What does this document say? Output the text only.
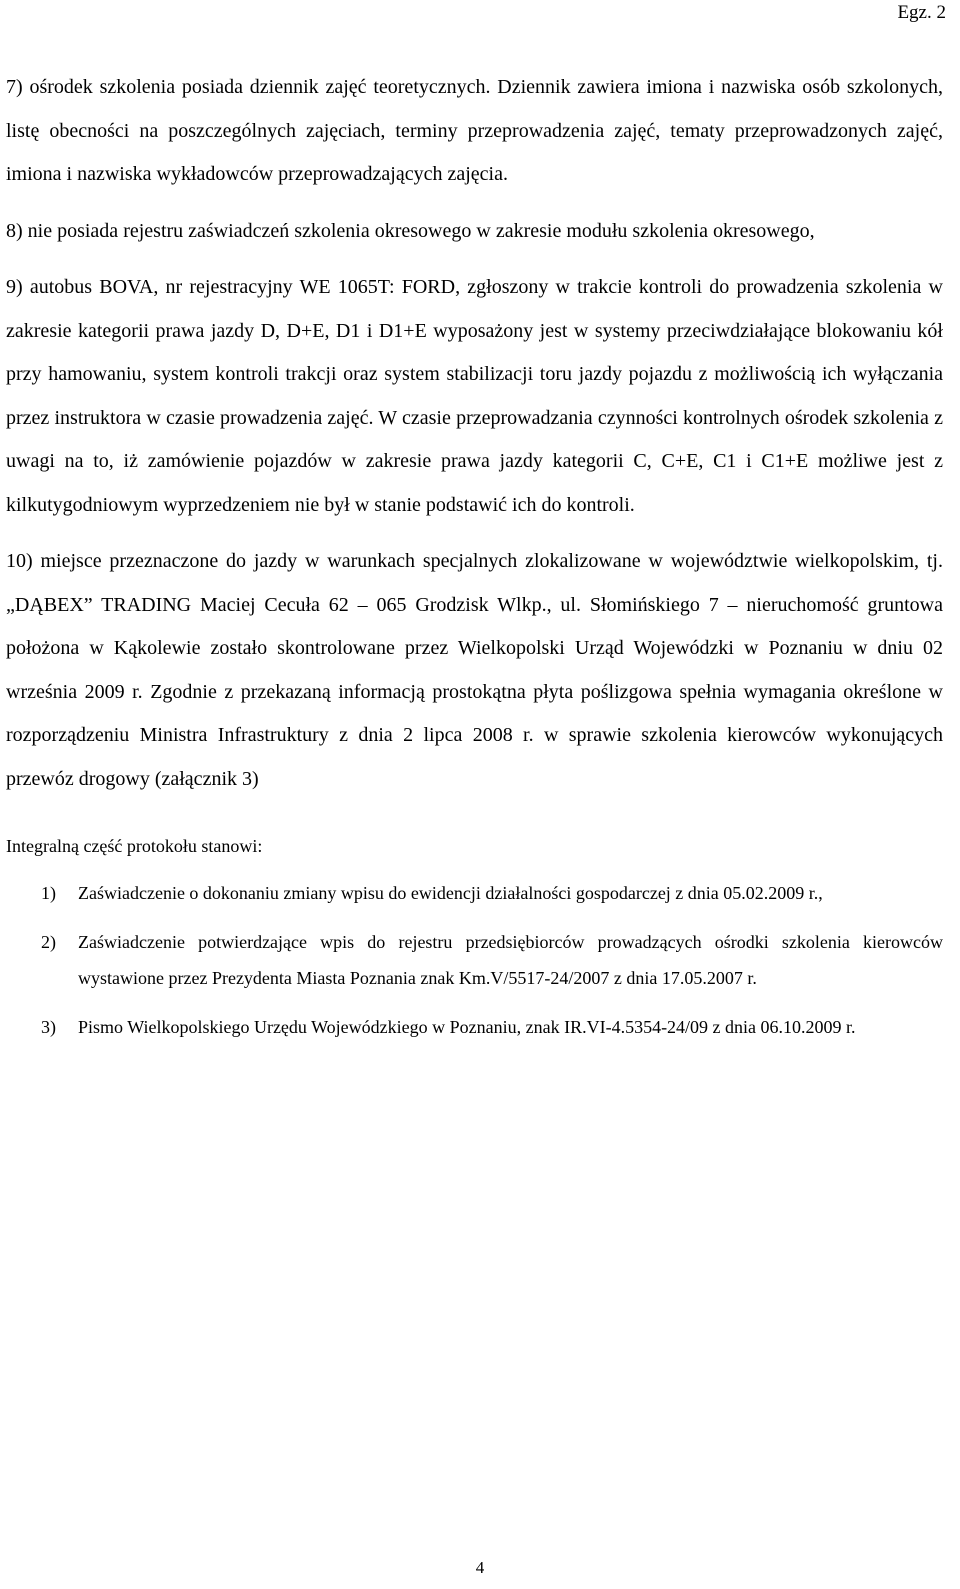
Egz. 2

7) ośrodek szkolenia posiada dziennik zajęć teoretycznych. Dziennik zawiera imiona i nazwiska osób szkolonych, listę obecności na poszczególnych zajęciach, terminy przeprowadzenia zajęć, tematy przeprowadzonych zajęć, imiona i nazwiska wykładowców przeprowadzających zajęcia.

8) nie posiada rejestru zaświadczeń szkolenia okresowego w zakresie modułu szkolenia okresowego,

9) autobus BOVA, nr rejestracyjny WE 1065T: FORD, zgłoszony w trakcie kontroli do prowadzenia szkolenia w zakresie kategorii prawa jazdy D, D+E, D1 i D1+E wyposażony jest w systemy przeciwdziałające blokowaniu kół przy hamowaniu, system kontroli trakcji oraz system stabilizacji toru jazdy pojazdu z możliwością ich wyłączania przez instruktora w czasie prowadzenia zajęć. W czasie przeprowadzania czynności kontrolnych ośrodek szkolenia z uwagi na to, iż zamówienie pojazdów w zakresie prawa jazdy kategorii C, C+E, C1 i C1+E możliwe jest z kilkutygodniowym wyprzedzeniem nie był w stanie podstawić ich do kontroli.

10) miejsce przeznaczone do jazdy w warunkach specjalnych zlokalizowane w województwie wielkopolskim, tj. „DĄBEX” TRADING Maciej Cecuła 62 – 065 Grodzisk Wlkp., ul. Słomińskiego 7 – nieruchomość gruntowa położona w Kąkolewie zostało skontrolowane przez Wielkopolski Urząd Wojewódzki w Poznaniu w dniu 02 września 2009 r. Zgodnie z przekazaną informacją prostokątna płyta poślizgowa spełnia wymagania określone w rozporządzeniu Ministra Infrastruktury z dnia 2 lipca 2008 r. w sprawie szkolenia kierowców wykonujących przewóz drogowy (załącznik 3)

Integralną część protokołu stanowi:

1) Zaświadczenie o dokonaniu zmiany wpisu do ewidencji działalności gospodarczej z dnia 05.02.2009 r.,
2) Zaświadczenie potwierdzające wpis do rejestru przedsiębiorców prowadzących ośrodki szkolenia kierowców wystawione przez Prezydenta Miasta Poznania znak Km.V/5517-24/2007 z dnia 17.05.2007 r.
3) Pismo Wielkopolskiego Urzędu Wojewódzkiego w Poznaniu, znak IR.VI-4.5354-24/09 z dnia 06.10.2009 r.
4
